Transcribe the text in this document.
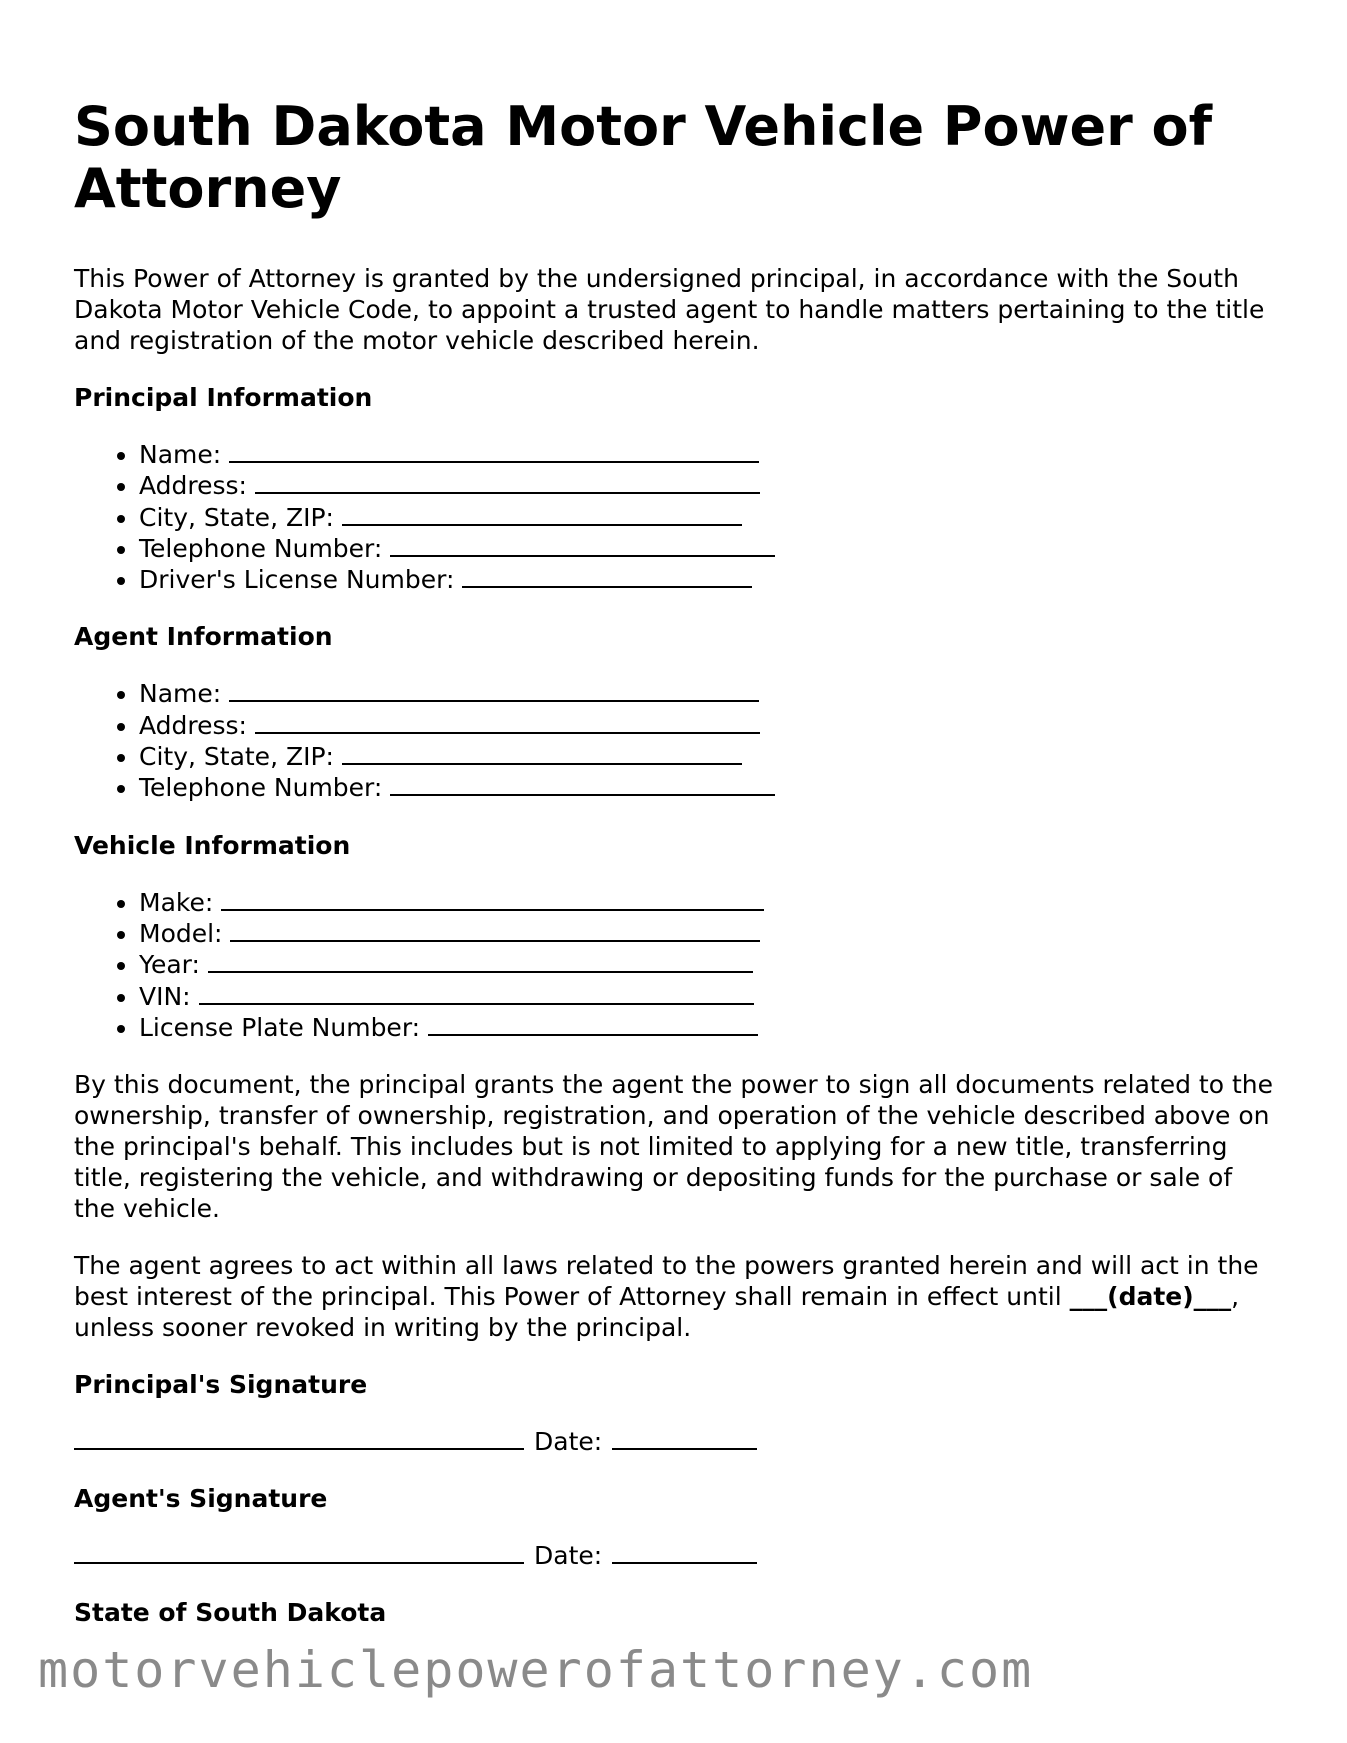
South Dakota Motor Vehicle Power of Attorney

This Power of Attorney is granted by the undersigned principal, in accordance with the South Dakota Motor Vehicle Code, to appoint a trusted agent to handle matters pertaining to the title and registration of the motor vehicle described herein.

Principal Information
• Name:
• Address:
• City, State, ZIP:
• Telephone Number:
• Driver's License Number:
Agent Information
• Name:
• Address:
• City, State, ZIP:
• Telephone Number:
Vehicle Information
• Make:
• Model:
• Year:
• VIN:
• License Plate Number:

By this document, the principal grants the agent the power to sign all documents related to the ownership, transfer of ownership, registration, and operation of the vehicle described above on the principal's behalf. This includes but is not limited to applying for a new title, transferring title, registering the vehicle, and withdrawing or depositing funds for the purchase or sale of the vehicle.

The agent agrees to act within all laws related to the powers granted herein and will act in the best interest of the principal. This Power of Attorney shall remain in effect until ___(date)___, unless sooner revoked in writing by the principal.

Principal's Signature
Date:
Agent's Signature
Date:
State of South Dakota
motorvehiclepowerofattorney.com
